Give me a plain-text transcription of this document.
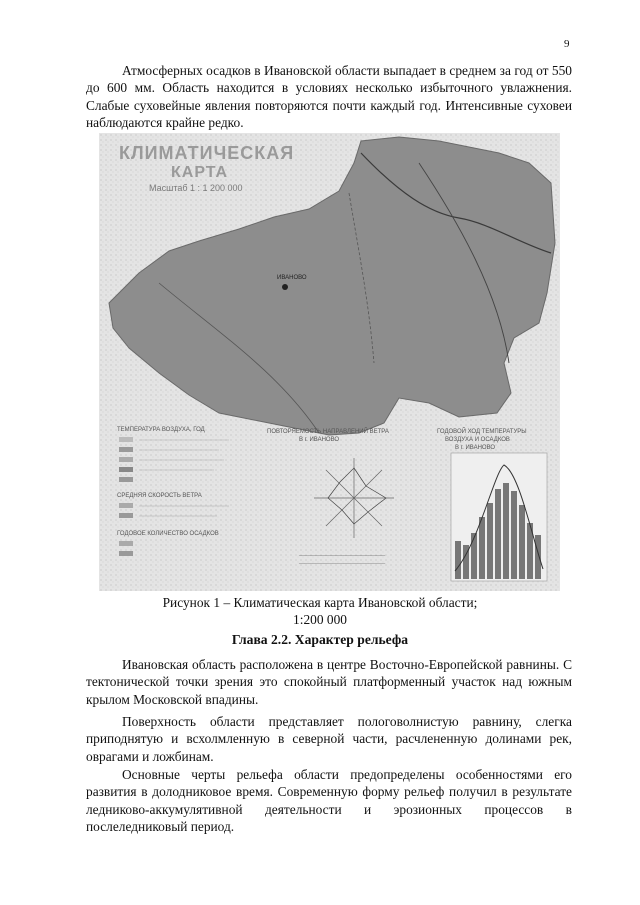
9

Атмосферных осадков в Ивановской области выпадает в среднем за год от 550 до 600 мм. Область находится в условиях несколько избыточного увлажнения. Слабые суховейные явления повторяются почти каждый год. Интенсивные суховеи наблюдаются крайне редко.

ИВАНОВО
КЛИМАТИЧЕСКАЯ
КАРТА
Масштаб 1 : 1 200 000
ТЕМПЕРАТУРА ВОЗДУХА, ГОД
СРЕДНЯЯ СКОРОСТЬ ВЕТРА
ГОДОВОЕ КОЛИЧЕСТВО ОСАДКОВ
ПОВТОРЯЕМОСТЬ НАПРАВЛЕНИЙ ВЕТРА
В г. ИВАНОВО
ГОДОВОЙ ХОД ТЕМПЕРАТУРЫ
ВОЗДУХА И ОСАДКОВ
В г. ИВАНОВО
_______________________________
_______________________________
Рисунок 1 – Климатическая карта Ивановской области;
1:200 000
Глава 2.2. Характер рельефа

Ивановская область расположена в центре Восточно-Европейской равнины. С тектонической точки зрения это спокойный платформенный участок над южным крылом Московской впадины.

Поверхность области представляет пологоволнистую равнину, слегка приподнятую и всхолмленную в северной части, расчлененную долинами рек, оврагами и ложбинам.

Основные черты рельефа области предопределены особенностями его развития в долодниковое время. Современную форму рельеф получил в результате ледниково-аккумулятивной деятельности и эрозионных процессов в послеледниковый период.
